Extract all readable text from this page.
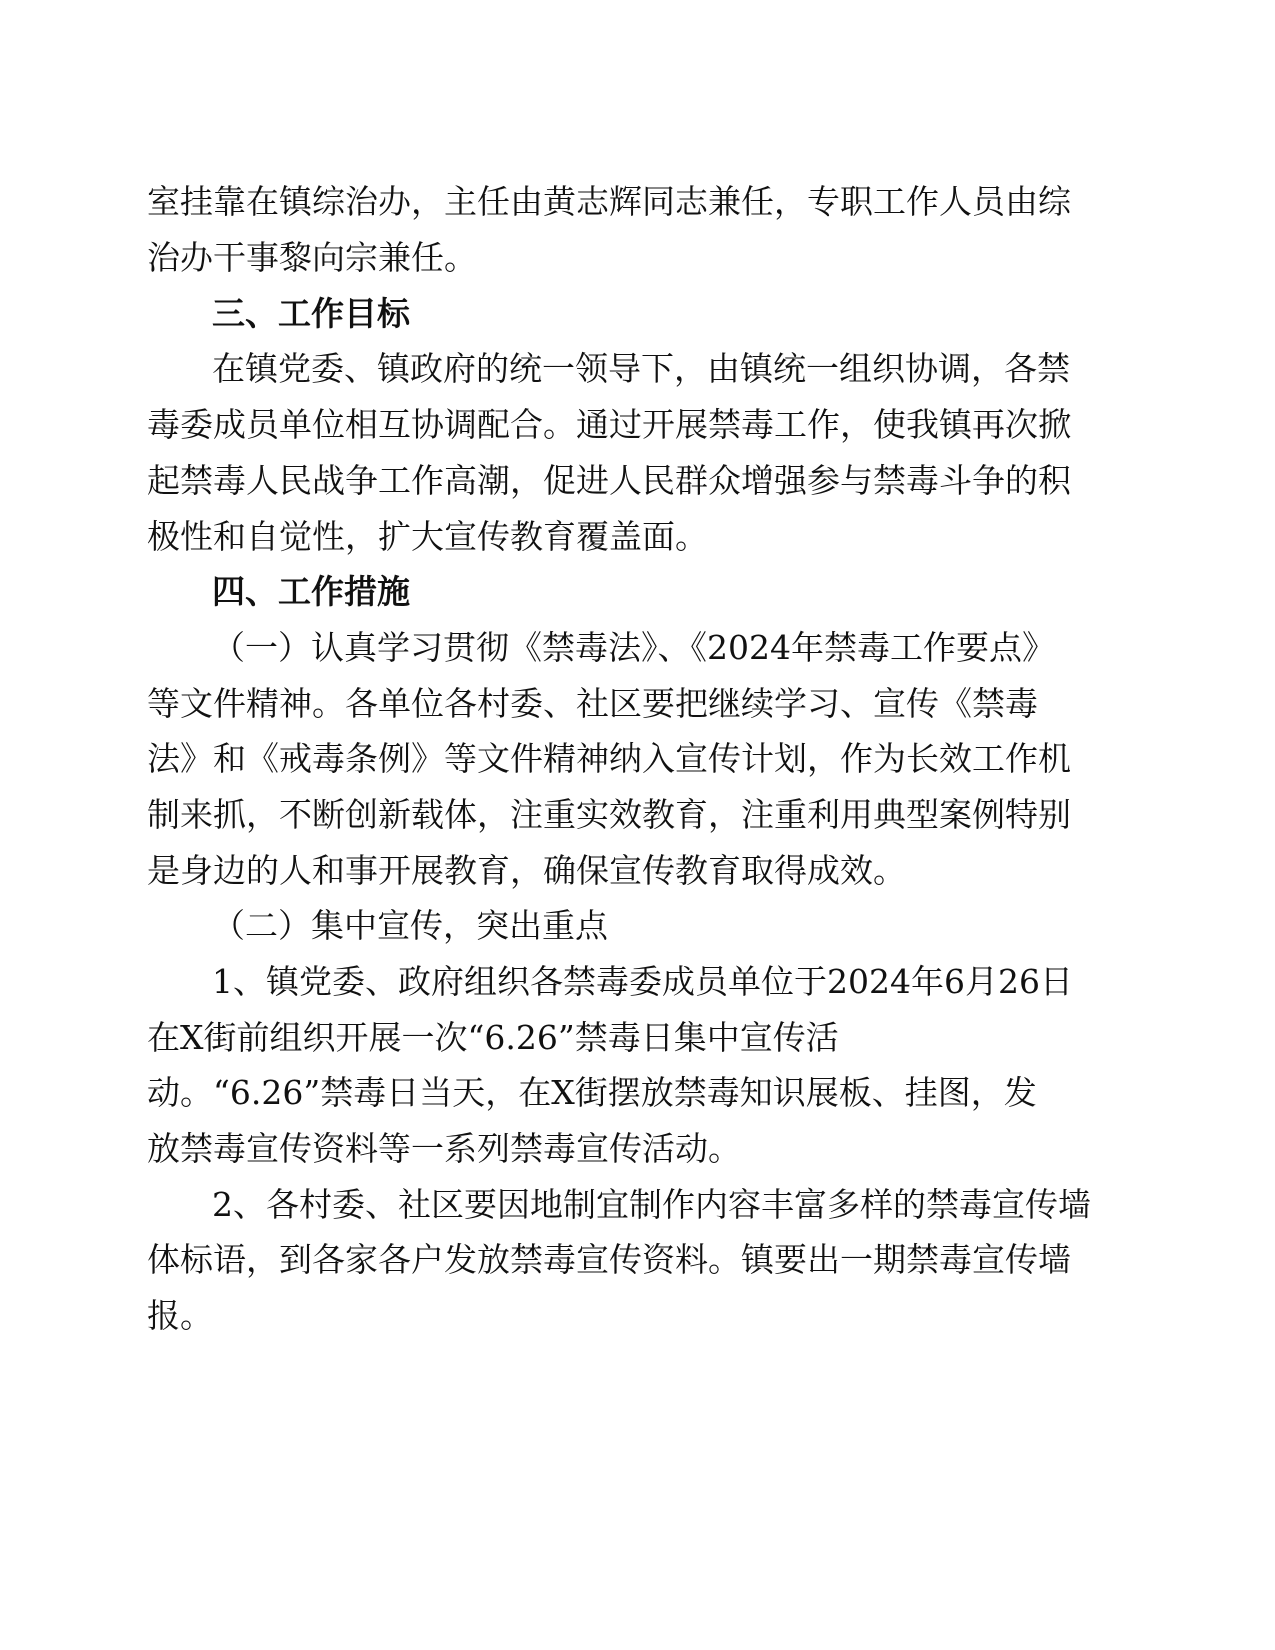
室挂靠在镇综治办，主任由黄志辉同志兼任，专职工作人员由综
治办干事黎向宗兼任。
三、工作目标
在镇党委、镇政府的统一领导下，由镇统一组织协调，各禁
毒委成员单位相互协调配合。通过开展禁毒工作，使我镇再次掀
起禁毒人民战争工作高潮，促进人民群众增强参与禁毒斗争的积
极性和自觉性，扩大宣传教育覆盖面。
四、工作措施
（一）认真学习贯彻《禁毒法》、《2024年禁毒工作要点》
等文件精神。各单位各村委、社区要把继续学习、宣传《禁毒
法》和《戒毒条例》等文件精神纳入宣传计划，作为长效工作机
制来抓，不断创新载体，注重实效教育，注重利用典型案例特别
是身边的人和事开展教育，确保宣传教育取得成效。
（二）集中宣传，突出重点
1、镇党委、政府组织各禁毒委成员单位于2024年6月26日
在X街前组织开展一次“6.26”禁毒日集中宣传活
动。“6.26”禁毒日当天，在X街摆放禁毒知识展板、挂图，发
放禁毒宣传资料等一系列禁毒宣传活动。
2、各村委、社区要因地制宜制作内容丰富多样的禁毒宣传墙
体标语，到各家各户发放禁毒宣传资料。镇要出一期禁毒宣传墙
报。
